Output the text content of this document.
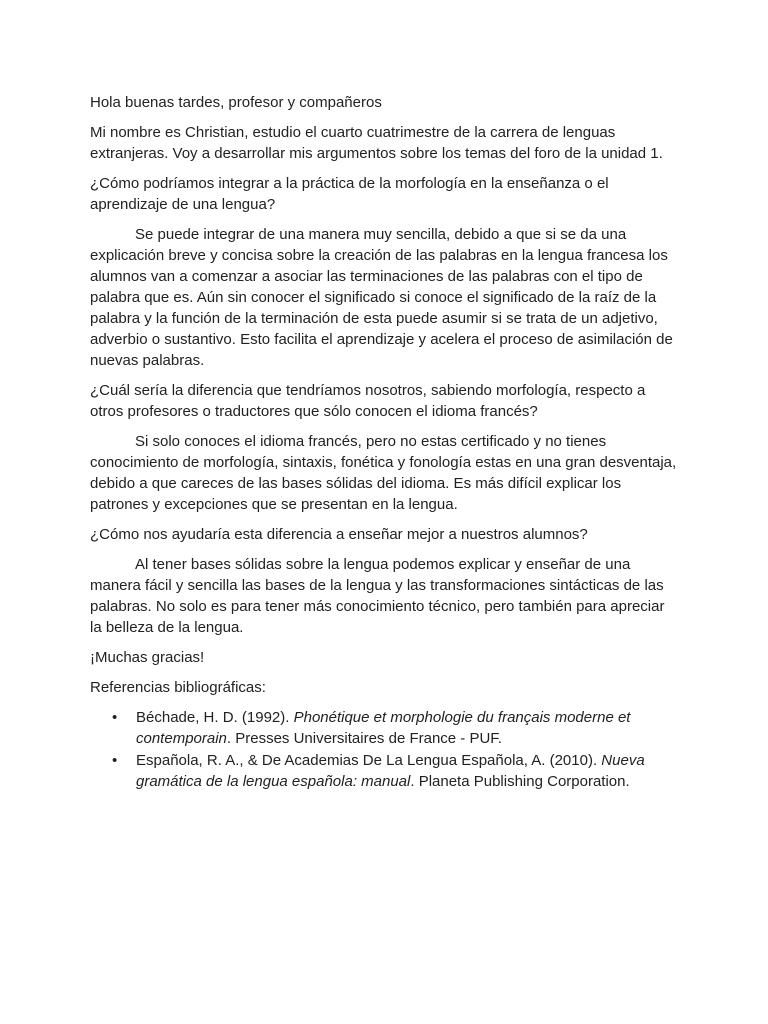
Hola buenas tardes, profesor y compañeros

Mi nombre es Christian, estudio el cuarto cuatrimestre de la carrera de lenguas extranjeras. Voy a desarrollar mis argumentos sobre los temas del foro de la unidad 1.

¿Cómo podríamos integrar a la práctica de la morfología en la enseñanza o el aprendizaje de una lengua?

Se puede integrar de una manera muy sencilla, debido a que si se da una explicación breve y concisa sobre la creación de las palabras en la lengua francesa los alumnos van a comenzar a asociar las terminaciones de las palabras con el tipo de palabra que es. Aún sin conocer el significado si conoce el significado de la raíz de la palabra y la función de la terminación de esta puede asumir si se trata de un adjetivo, adverbio o sustantivo. Esto facilita el aprendizaje y acelera el proceso de asimilación de nuevas palabras.

¿Cuál sería la diferencia que tendríamos nosotros, sabiendo morfología, respecto a otros profesores o traductores que sólo conocen el idioma francés?

Si solo conoces el idioma francés, pero no estas certificado y no tienes conocimiento de morfología, sintaxis, fonética y fonología estas en una gran desventaja, debido a que careces de las bases sólidas del idioma. Es más difícil explicar los patrones y excepciones que se presentan en la lengua.

¿Cómo nos ayudaría esta diferencia a enseñar mejor a nuestros alumnos?

Al tener bases sólidas sobre la lengua podemos explicar y enseñar de una manera fácil y sencilla las bases de la lengua y las transformaciones sintácticas de las palabras. No solo es para tener más conocimiento técnico, pero también para apreciar la belleza de la lengua.

¡Muchas gracias!

Referencias bibliográficas:

• Béchade, H. D. (1992). Phonétique et morphologie du français moderne et contemporain. Presses Universitaires de France - PUF.
• Española, R. A., & De Academias De La Lengua Española, A. (2010). Nueva gramática de la lengua española: manual. Planeta Publishing Corporation.
